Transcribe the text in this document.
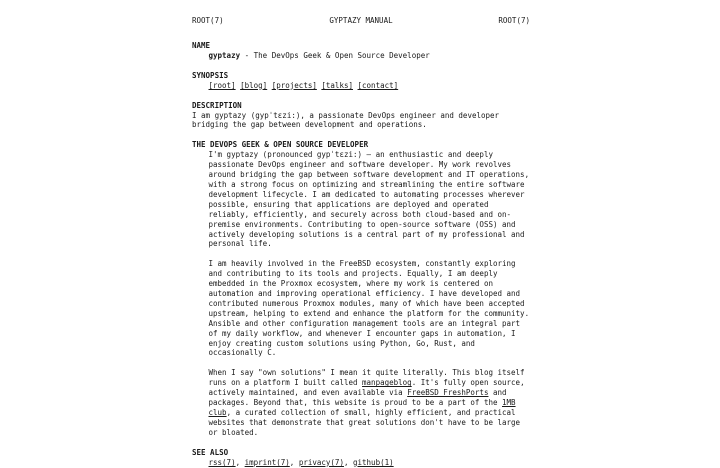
ROOT(7)	GYPTAZY MANUAL	ROOT(7)
NAME
gyptazy - The DevOps Geek & Open Source Developer
SYNOPSIS
[root] [blog] [projects] [talks] [contact]
DESCRIPTION

I am gyptazy (gypˈtɛzi:), a passionate DevOps engineer and developer bridging the gap between development and operations.

THE DEVOPS GEEK & OPEN SOURCE DEVELOPER

I'm gyptazy (pronounced gypˈtɛzi:) — an enthusiastic and deeply passionate DevOps engineer and software developer. My work revolves around bridging the gap between software development and IT operations, with a strong focus on optimizing and streamlining the entire software development lifecycle. I am dedicated to automating processes wherever possible, ensuring that applications are deployed and operated reliably, efficiently, and securely across both cloud-based and on-premise environments. Contributing to open-source software (OSS) and actively developing solutions is a central part of my professional and personal life.

I am heavily involved in the FreeBSD ecosystem, constantly exploring and contributing to its tools and projects. Equally, I am deeply embedded in the Proxmox ecosystem, where my work is centered on automation and improving operational efficiency. I have developed and contributed numerous Proxmox modules, many of which have been accepted upstream, helping to extend and enhance the platform for the community. Ansible and other configuration management tools are an integral part of my daily workflow, and whenever I encounter gaps in automation, I enjoy creating custom solutions using Python, Go, Rust, and occasionally C.

When I say "own solutions" I mean it quite literally. This blog itself runs on a platform I built called manpageblog. It's fully open source, actively maintained, and even available via FreeBSD FreshPorts and packages. Beyond that, this website is proud to be a part of the 1MB club, a curated collection of small, highly efficient, and practical websites that demonstrate that great solutions don't have to be large or bloated.

SEE ALSO
rss(7), imprint(7), privacy(7), github(1)
